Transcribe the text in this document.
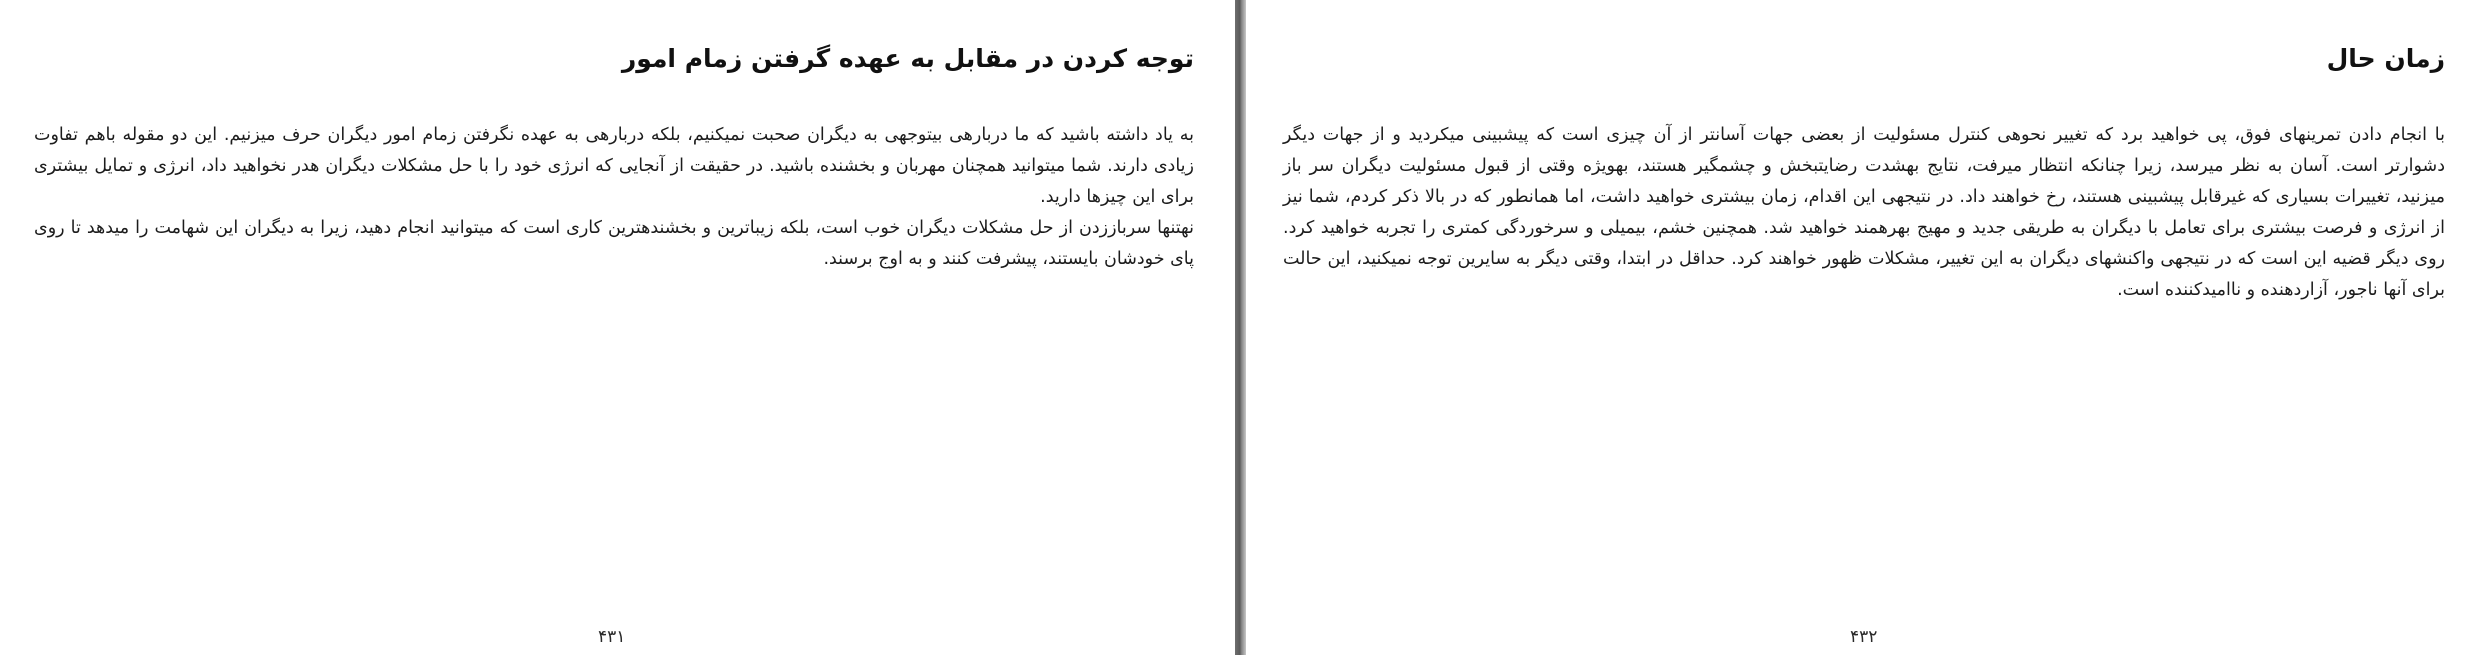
توجه کردن در مقابل به عهده گرفتن زمام امور

به یاد داشته باشید که ما دربارهی بیتوجهی به دیگران صحبت نمیکنیم، بلکه دربارهی به عهده نگرفتن زمام امور دیگران حرف میزنیم. این دو مقوله باهم تفاوت زیادی دارند. شما میتوانید همچنان مهربان و بخشنده باشید. در حقیقت از آنجایی که انرژی خود را با حل مشکلات دیگران هدر نخواهید داد، انرژی و تمایل بیشتری برای این چیزها دارید.

نهتنها سرباززدن از حل مشکلات دیگران خوب است، بلکه زیباترین و بخشندهترین کاری است که میتوانید انجام دهید، زیرا به دیگران این شهامت را میدهد تا روی پای خودشان بایستند، پیشرفت کنند و به اوج برسند.

۴۳۱
زمان حال

با انجام دادن تمرینهای فوق، پی خواهید برد که تغییر نحوهی کنترل مسئولیت از بعضی جهات آسانتر از آن چیزی است که پیشبینی میکردید و از جهات دیگر دشوارتر است. آسان به نظر میرسد، زیرا چنانکه انتظار میرفت، نتایج بهشدت رضایتبخش و چشمگیر هستند، بهویژه وقتی از قبول مسئولیت دیگران سر باز میزنید، تغییرات بسیاری که غیرقابل پیشبینی هستند، رخ خواهند داد. در نتیجهی این اقدام، زمان بیشتری خواهید داشت، اما همانطور که در بالا ذکر کردم، شما نیز از انرژی و فرصت بیشتری برای تعامل با دیگران به طریقی جدید و مهیج بهرهمند خواهید شد. همچنین خشم، بیمیلی و سرخوردگی کمتری را تجربه خواهید کرد. روی دیگر قضیه این است که در نتیجهی واکنشهای دیگران به این تغییر، مشکلات ظهور خواهند کرد. حداقل در ابتدا، وقتی دیگر به سایرین توجه نمیکنید، این حالت برای آنها ناجور، آزاردهنده و ناامیدکننده است.

۴۳۲
